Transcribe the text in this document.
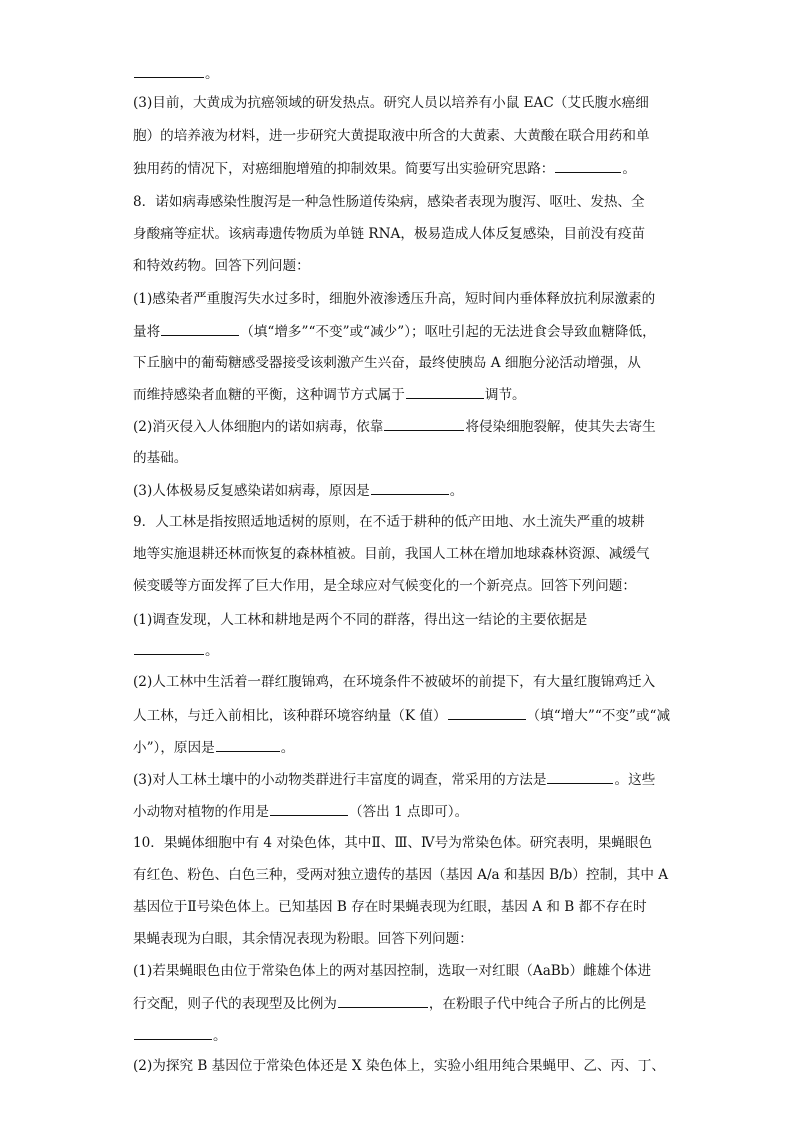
。
(3)目前，大黄成为抗癌领域的研发热点。研究人员以培养有小鼠 EAC（艾氏腹水癌细
胞）的培养液为材料，进一步研究大黄提取液中所含的大黄素、大黄酸在联合用药和单
独用药的情况下，对癌细胞增殖的抑制效果。简要写出实验研究思路：	。
8．诺如病毒感染性腹泻是一种急性肠道传染病，感染者表现为腹泻、呕吐、发热、全
身酸痛等症状。该病毒遗传物质为单链 RNA，极易造成人体反复感染，目前没有疫苗
和特效药物。回答下列问题：
(1)感染者严重腹泻失水过多时，细胞外液渗透压升高，短时间内垂体释放抗利尿激素的
量将	（填“增多”“不变”或“减少”）；呕吐引起的无法进食会导致血糖降低，
下丘脑中的葡萄糖感受器接受该刺激产生兴奋，最终使胰岛 A 细胞分泌活动增强，从
而维持感染者血糖的平衡，这种调节方式属于	调节。
(2)消灭侵入人体细胞内的诺如病毒，依靠	将侵染细胞裂解，使其失去寄生
的基础。
(3)人体极易反复感染诺如病毒，原因是	。
9．人工林是指按照适地适树的原则，在不适于耕种的低产田地、水土流失严重的坡耕
地等实施退耕还林而恢复的森林植被。目前，我国人工林在增加地球森林资源、减缓气
候变暖等方面发挥了巨大作用，是全球应对气候变化的一个新亮点。回答下列问题：
(1)调查发现，人工林和耕地是两个不同的群落，得出这一结论的主要依据是
。
(2)人工林中生活着一群红腹锦鸡，在环境条件不被破坏的前提下，有大量红腹锦鸡迁入
人工林，与迁入前相比，该种群环境容纳量（K 值）	（填“增大”“不变”或“减
小”），原因是	。
(3)对人工林土壤中的小动物类群进行丰富度的调查，常采用的方法是	。这些
小动物对植物的作用是	（答出 1 点即可）。
10．果蝇体细胞中有 4 对染色体，其中Ⅱ、Ⅲ、Ⅳ号为常染色体。研究表明，果蝇眼色
有红色、粉色、白色三种，受两对独立遗传的基因（基因 A/a 和基因 B/b）控制，其中 A
基因位于Ⅱ号染色体上。已知基因 B 存在时果蝇表现为红眼，基因 A 和 B 都不存在时
果蝇表现为白眼，其余情况表现为粉眼。回答下列问题：
(1)若果蝇眼色由位于常染色体上的两对基因控制，选取一对红眼（AaBb）雌雄个体进
行交配，则子代的表现型及比例为	，在粉眼子代中纯合子所占的比例是
。
(2)为探究 B 基因位于常染色体还是 X 染色体上，实验小组用纯合果蝇甲、乙、丙、丁、
